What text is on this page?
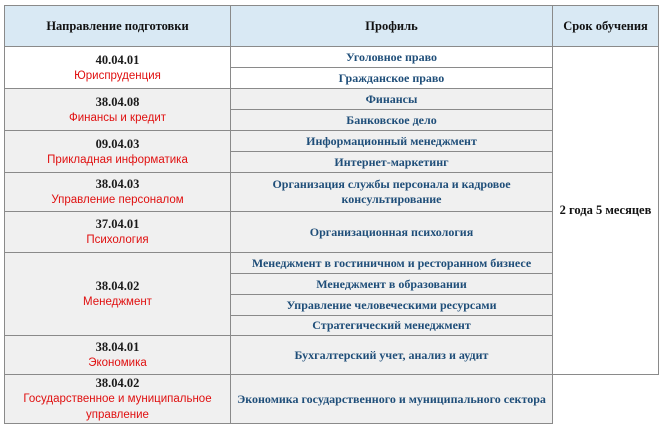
Направление подготовки	Профиль	Срок обучения

40.04.01
Юриспруденция	Уголовное право	2 года 5 месяцев
	Гражданское право	

38.04.08
Финансы и кредит	Финансы	
	Банковское дело	

09.04.03
Прикладная информатика	Информационный менеджмент	
	Интернет-маркетинг	

38.04.03
Управление персоналом	Организация службы персонала и кадровое консультирование	

37.04.01
Психология	Организационная психология	

38.04.02
Менеджмент	Менеджмент в гостиничном и ресторанном бизнесе	
	Менеджмент в образовании	
	Управление человеческими ресурсами	
	Стратегический менеджмент	

38.04.01
Экономика	Бухгалтерский учет, анализ и аудит	

38.04.02
Государственное и муниципальное управление	Экономика государственного и муниципального сектора	
